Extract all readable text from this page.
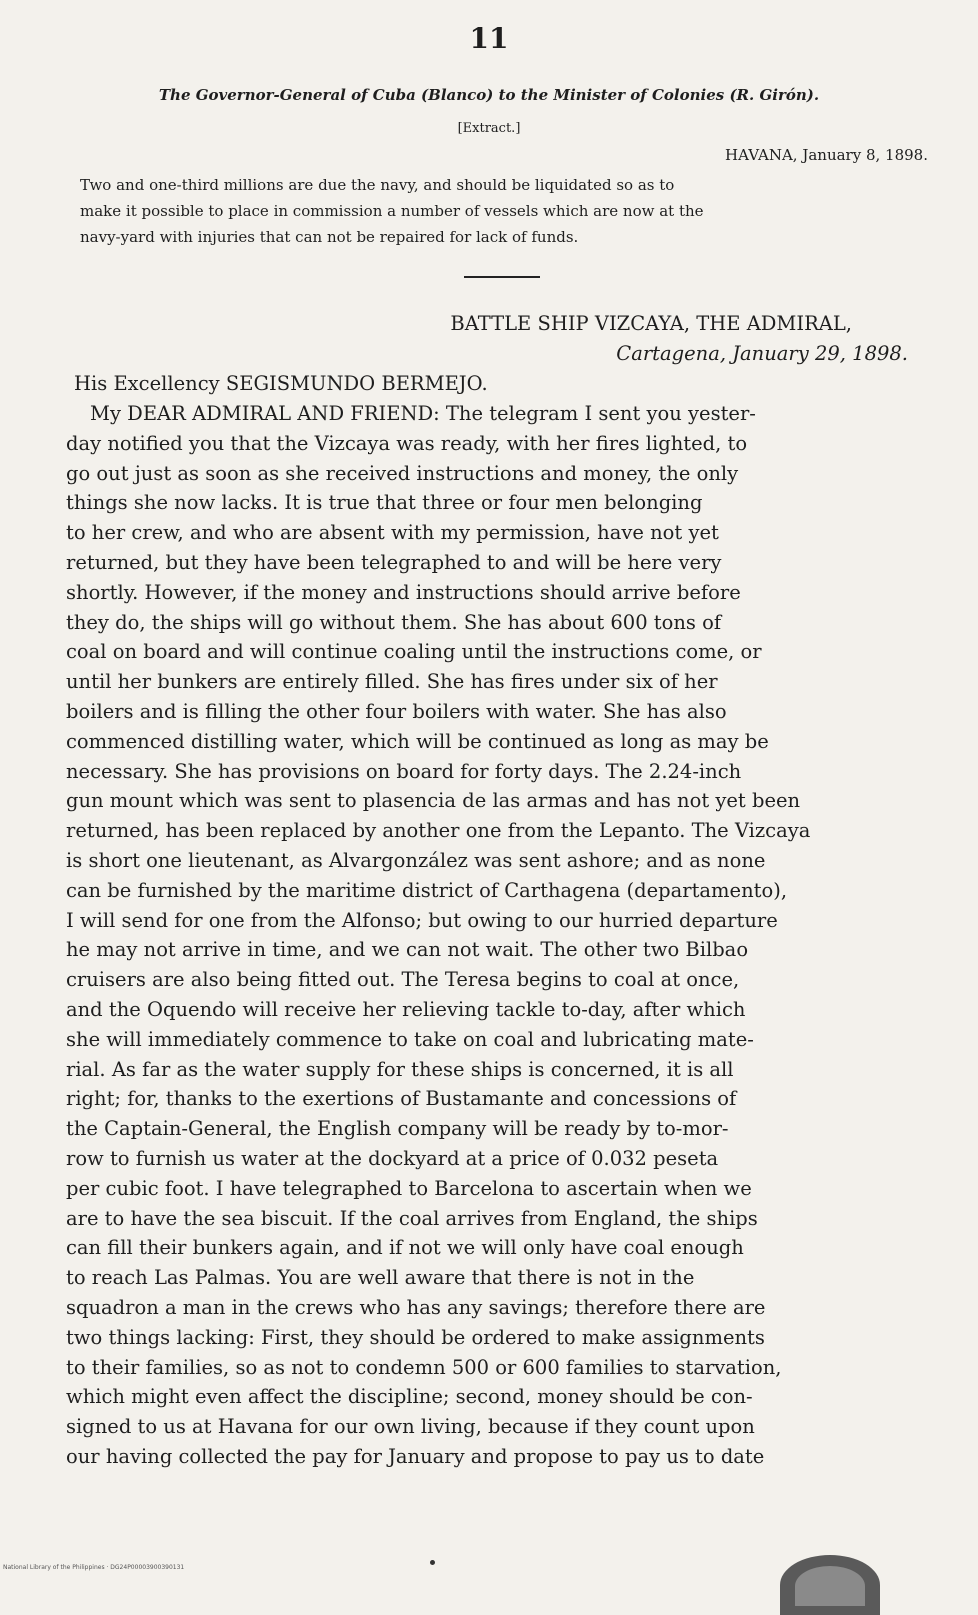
11
The Governor-General of Cuba (Blanco) to the Minister of Colonies (R. Girón).
[Extract.]
HAVANA, January 8, 1898.
Two and one-third millions are due the navy, and should be liquidated so as to
make it possible to place in commission a number of vessels which are now at the
navy-yard with injuries that can not be repaired for lack of funds.
BATTLE SHIP VIZCAYA, THE ADMIRAL,
Cartagena, January 29, 1898.
His Excellency SEGISMUNDO BERMEJO.
My DEAR ADMIRAL AND FRIEND: The telegram I sent you yester-
day notified you that the Vizcaya was ready, with her fires lighted, to
go out just as soon as she received instructions and money, the only
things she now lacks. It is true that three or four men belonging
to her crew, and who are absent with my permission, have not yet
returned, but they have been telegraphed to and will be here very
shortly. However, if the money and instructions should arrive before
they do, the ships will go without them. She has about 600 tons of
coal on board and will continue coaling until the instructions come, or
until her bunkers are entirely filled. She has fires under six of her
boilers and is filling the other four boilers with water. She has also
commenced distilling water, which will be continued as long as may be
necessary. She has provisions on board for forty days. The 2.24-inch
gun mount which was sent to plasencia de las armas and has not yet been
returned, has been replaced by another one from the Lepanto. The Vizcaya
is short one lieutenant, as Alvargonzález was sent ashore; and as none
can be furnished by the maritime district of Carthagena (departamento),
I will send for one from the Alfonso; but owing to our hurried departure
he may not arrive in time, and we can not wait. The other two Bilbao
cruisers are also being fitted out. The Teresa begins to coal at once,
and the Oquendo will receive her relieving tackle to-day, after which
she will immediately commence to take on coal and lubricating mate-
rial. As far as the water supply for these ships is concerned, it is all
right; for, thanks to the exertions of Bustamante and concessions of
the Captain-General, the English company will be ready by to-mor-
row to furnish us water at the dockyard at a price of 0.032 peseta
per cubic foot. I have telegraphed to Barcelona to ascertain when we
are to have the sea biscuit. If the coal arrives from England, the ships
can fill their bunkers again, and if not we will only have coal enough
to reach Las Palmas. You are well aware that there is not in the
squadron a man in the crews who has any savings; therefore there are
two things lacking: First, they should be ordered to make assignments
to their families, so as not to condemn 500 or 600 families to starvation,
which might even affect the discipline; second, money should be con-
signed to us at Havana for our own living, because if they count upon
our having collected the pay for January and propose to pay us to date
National Library of the Philippines · DG24P00003900390131
